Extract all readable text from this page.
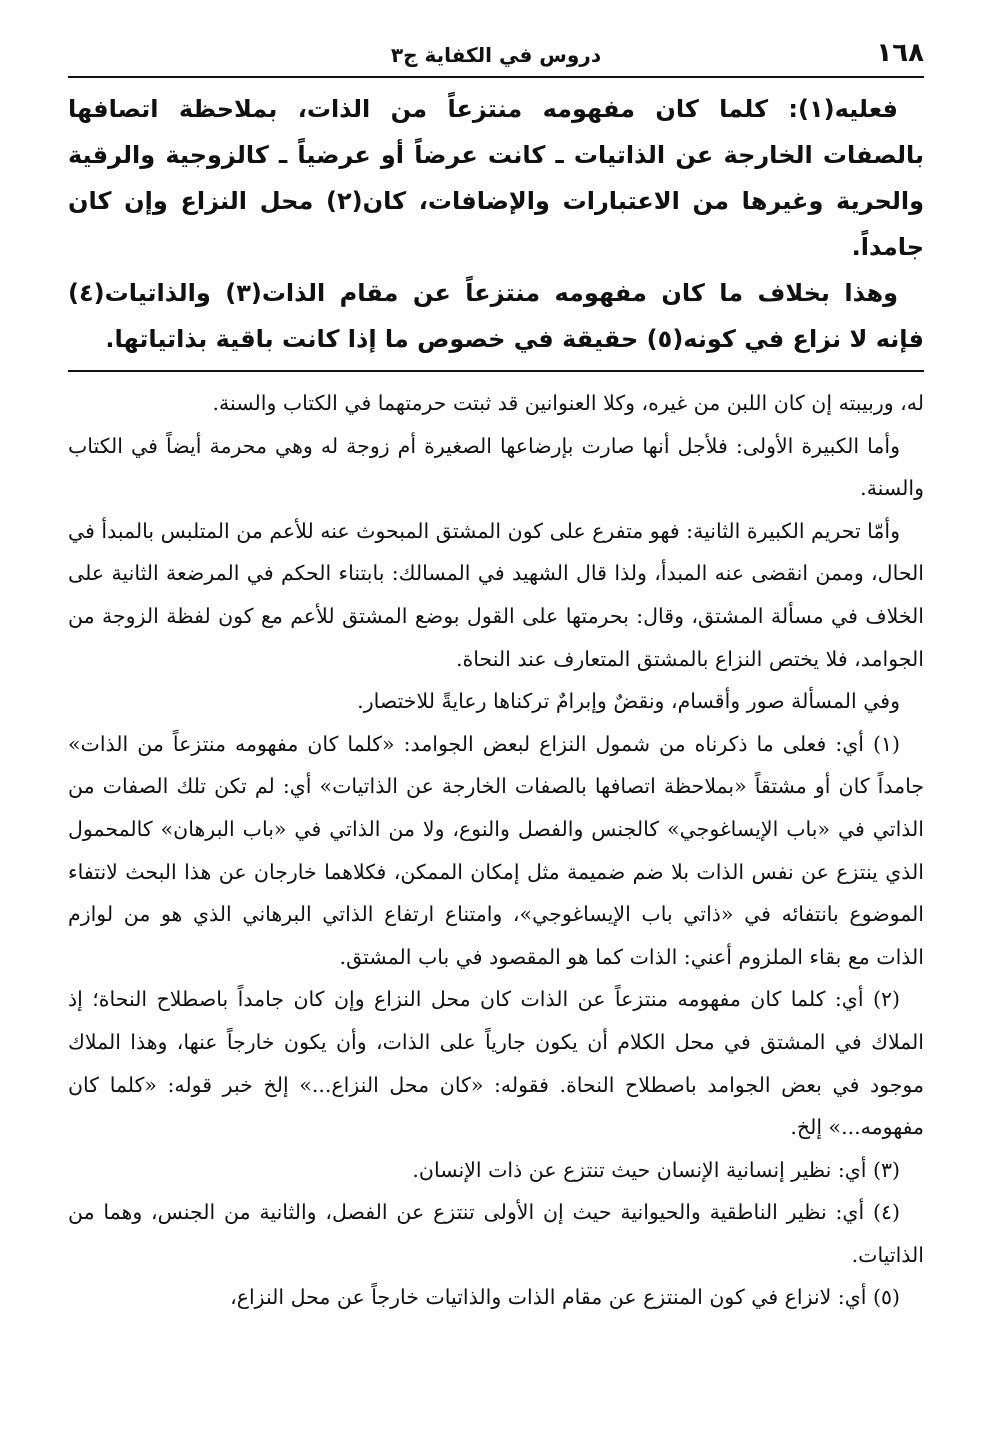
١٦٨
دروس في الكفاية ج٣

فعليه(١): كلما كان مفهومه منتزعاً من الذات، بملاحظة اتصافها بالصفات الخارجة عن الذاتيات ـ كانت عرضاً أو عرضياً ـ كالزوجية والرقية والحرية وغيرها من الاعتبارات والإضافات، كان(٢) محل النزاع وإن كان جامداً.

وهذا بخلاف ما كان مفهومه منتزعاً عن مقام الذات(٣) والذاتيات(٤) فإنه لا نزاع في كونه(٥) حقيقة في خصوص ما إذا كانت باقية بذاتياتها.

له، وربيبته إن كان اللبن من غيره، وكلا العنوانين قد ثبتت حرمتهما في الكتاب والسنة.

وأما الكبيرة الأولى: فلأجل أنها صارت بإرضاعها الصغيرة أم زوجة له وهي محرمة أيضاً في الكتاب والسنة.

وأمّا تحريم الكبيرة الثانية: فهو متفرع على كون المشتق المبحوث عنه للأعم من المتلبس بالمبدأ في الحال، وممن انقضى عنه المبدأ، ولذا قال الشهيد في المسالك: بابتناء الحكم في المرضعة الثانية على الخلاف في مسألة المشتق، وقال: بحرمتها على القول بوضع المشتق للأعم مع كون لفظة الزوجة من الجوامد، فلا يختص النزاع بالمشتق المتعارف عند النحاة.

وفي المسألة صور وأقسام، ونقضٌ وإبرامٌ تركناها رعايةً للاختصار.

(١) أي: فعلى ما ذكرناه من شمول النزاع لبعض الجوامد: «كلما كان مفهومه منتزعاً من الذات» جامداً كان أو مشتقاً «بملاحظة اتصافها بالصفات الخارجة عن الذاتيات» أي: لم تكن تلك الصفات من الذاتي في «باب الإيساغوجي» كالجنس والفصل والنوع، ولا من الذاتي في «باب البرهان» كالمحمول الذي ينتزع عن نفس الذات بلا ضم ضميمة مثل إمكان الممكن، فكلاهما خارجان عن هذا البحث لانتفاء الموضوع بانتفائه في «ذاتي باب الإيساغوجي»، وامتناع ارتفاع الذاتي البرهاني الذي هو من لوازم الذات مع بقاء الملزوم أعني: الذات كما هو المقصود في باب المشتق.

(٢) أي: كلما كان مفهومه منتزعاً عن الذات كان محل النزاع وإن كان جامداً باصطلاح النحاة؛ إذ الملاك في المشتق في محل الكلام أن يكون جارياً على الذات، وأن يكون خارجاً عنها، وهذا الملاك موجود في بعض الجوامد باصطلاح النحاة. فقوله: «كان محل النزاع...» إلخ خبر قوله: «كلما كان مفهومه...» إلخ.

(٣) أي: نظير إنسانية الإنسان حيث تنتزع عن ذات الإنسان.

(٤) أي: نظير الناطقية والحيوانية حيث إن الأولى تنتزع عن الفصل، والثانية من الجنس، وهما من الذاتيات.

(٥) أي: لانزاع في كون المنتزع عن مقام الذات والذاتيات خارجاً عن محل النزاع،
